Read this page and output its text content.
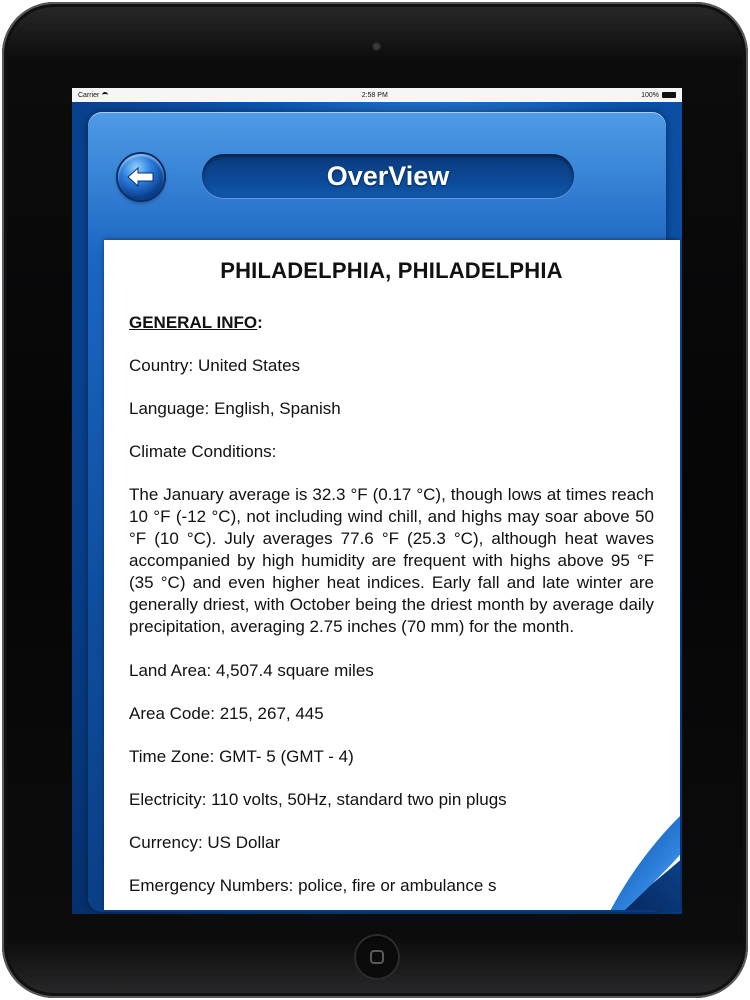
Carrier	2:58 PM	100%
OverView
PHILADELPHIA, PHILADELPHIA
GENERAL INFO:
Country: United States
Language: English, Spanish
Climate Conditions:
The January average is 32.3 °F (0.17 °C), though lows at times reach 10 °F (-12 °C), not including wind chill, and highs may soar above 50 °F (10 °C). July averages 77.6 °F (25.3 °C), although heat waves accompanied by high humidity are frequent with highs above 95 °F (35 °C) and even higher heat indices. Early fall and late winter are generally driest, with October being the driest month by average daily precipitation, averaging 2.75 inches (70 mm) for the month.
Land Area: 4,507.4 square miles
Area Code: 215, 267, 445
Time Zone: GMT- 5 (GMT - 4)
Electricity: 110 volts, 50Hz, standard two pin plugs
Currency: US Dollar
Emergency Numbers: police, fire or ambulance s
